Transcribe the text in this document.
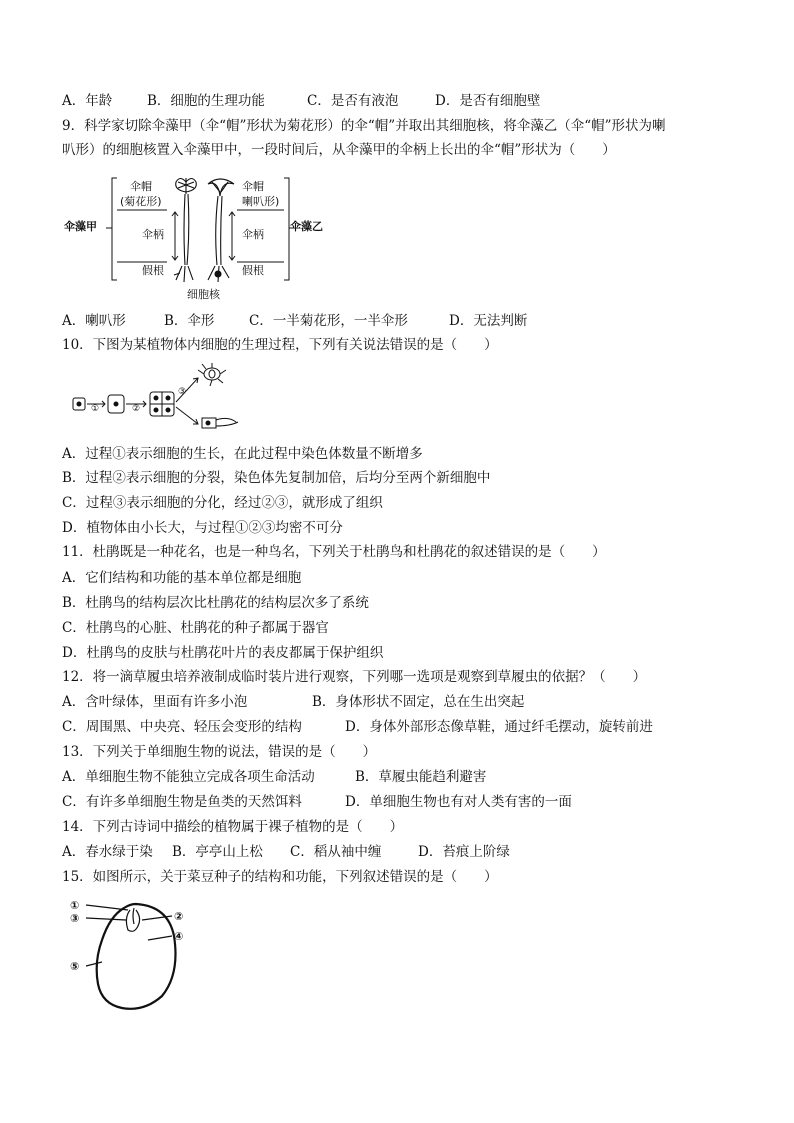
A．年龄	B．细胞的生理功能	C．是否有液泡	D．是否有细胞壁
9．科学家切除伞藻甲（伞“帽”形状为菊花形）的伞“帽”并取出其细胞核，将伞藻乙（伞“帽”形状为喇
叭形）的细胞核置入伞藻甲中，一段时间后，从伞藻甲的伞柄上长出的伞“帽”形状为（　　）
伞藻甲	伞藻乙
伞帽
(菊花形)
伞帽
喇叭形)
伞柄	伞柄
假根	假根
细胞核
A．喇叭形	B．伞形	C．一半菊花形，一半伞形	D．无法判断
10．下图为某植物体内细胞的生理过程，下列有关说法错误的是（　　）
①	②
③
A．过程①表示细胞的生长，在此过程中染色体数量不断增多
B．过程②表示细胞的分裂，染色体先复制加倍，后均分至两个新细胞中
C．过程③表示细胞的分化，经过②③，就形成了组织
D．植物体由小长大，与过程①②③均密不可分
11．杜鹃既是一种花名，也是一种鸟名，下列关于杜鹃鸟和杜鹃花的叙述错误的是（　　）
A．它们结构和功能的基本单位都是细胞
B．杜鹃鸟的结构层次比杜鹃花的结构层次多了系统
C．杜鹃鸟的心脏、杜鹃花的种子都属于器官
D．杜鹃鸟的皮肤与杜鹃花叶片的表皮都属于保护组织
12．将一滴草履虫培养液制成临时装片进行观察，下列哪一选项是观察到草履虫的依据？（　　）
A．含叶绿体，里面有许多小泡	B．身体形状不固定，总在生出突起
C．周围黑、中央亮、轻压会变形的结构	D．身体外部形态像草鞋，通过纤毛摆动，旋转前进
13．下列关于单细胞生物的说法，错误的是（　　）
A．单细胞生物不能独立完成各项生命活动	B．草履虫能趋利避害
C．有许多单细胞生物是鱼类的天然饵料	D．单细胞生物也有对人类有害的一面
14．下列古诗词中描绘的植物属于裸子植物的是（　　）
A．春水绿于染 B．亭亭山上松 C．稻从袖中缠	D．苔痕上阶绿
15．如图所示，关于菜豆种子的结构和功能，下列叙述错误的是（　　）
①
③	②
④
⑤
